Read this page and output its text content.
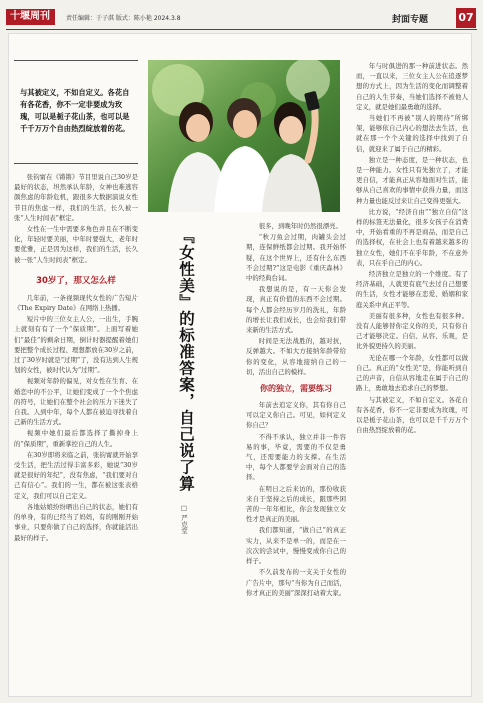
十堰周刊	责任编辑：于子淇 版式：陈小艳 2024.3.8	封面专题	07
与其被定义，不如自定义。各花自有各花香，你不一定非要成为玫瑰，可以是栀子花山茶，也可以是千千万万个自由热烈绽放着的花。

张钧甯在《锵锵》节目里说自己30岁是最好的状态，坦然承认年龄，女神也难逃容颜焦虑的年龄危机，跟很多大数据演说女性节目的焦虑一样，我们的生活，长久被一张“人生时间表”框定。

女性在一生中需要多角色并且在不断变化，年轻时要美丽，中年时要强大，老年时要优雅，正是因为这样，我们的生活，长久被一张“人生时间表”框定。

30岁了，那又怎么样

几年前，一条视频现代女性的广告短片《The Expiry Date》在网络上热播。

短片中的三位女主人公，一出生，手腕上就刻有有了一个“保质期”。上面写着她们“最佳”的剩余日期，倒计时器提醒着她们要把整个成长过程、理想都放在30岁之前，过了30岁时就是“过期”了，没有达到人生规划的女性，被时代认为“过期”。

视频对年龄的偏见，对女性在生育、在婚恋中的不公平，让她们变成了一个个焦虑的符号，让她们在整个社会的压力下迷失了自我。人到中年，每个人都在被迫寻找着自己新的生活方式。

视频中她们最后都选择了撕掉身上的“保质期”，重新掌控自己的人生。

在30岁即将来临之前，张钧甯就开始享受生活，把生活过得丰富多彩，她说“30岁就是很好的年纪”，没有焦虑，“我们要对自己有信心”。我们的一生，都在被这张表格定义，我们可以自己定义。

各地姑娘纷纷晒出自己的状态，她们有的单身，有的已经当了妈妈，有的刚刚开始事业，只要你做了自己的选择，你就能活出最好的样子。

『女性美』的标准答案，自己说了算
□ 严克堂

很多，到晚年时仍然很漂亮。

“秋刀鱼会过期，肉罐头会过期，连保鲜纸都会过期。我开始怀疑，在这个世界上，还有什么东西不会过期?”这是电影《重庆森林》中的经典台词。

我想说的是，有一天你会发现，真正有价值的东西不会过期。每个人都会经历岁月的洗礼，年龄的增长让我们成长，也会给我们带来新的生活方式。

时间是无法战胜的，越对抗，反弹越大。不如大方接纳年龄带给你的变化，从容地接纳自己的一切，活出自己的模样。

你的独立，需要练习

年前去追定义你，其有你自己可以定义你自己。可见，如何定义你自己？

不得不承认，独立并非一件容易的事，毕竟，需要的不仅是勇气，还需要能力的支撑。在生活中，每个人都要学会面对自己的选择。

在明日之后来访的，那份收获来自于坚持之后的成长，跟那些困苦的一年年相比，你会发现独立女性才是真正的美丽。

我们都知道，“做自己”的真正实力，从来不是单一的，而是在一次次的尝试中，慢慢变成你自己的样子。

不久前发布的一支关于女性的广告片中，那句“当你为自己而活，你才真正的美丽”深深打动着大家。

年与时俱进的那一种前进状态。然而，一直以来，三位女主人公在追逐梦想的方式上，因为生活的变化而调整着自己的人生节奏，当她们选择不被他人定义，就是她们最勇敢的选择。

当她们不再被“别人的期待”所绑架，能够依自己内心的想法去生活，也就在那一个个关键的选择中找到了自信，就迎来了属于自己的精彩。

独立是一种态度，是一种状态，也是一种能力。女性只有先独立了，才能更自信，才能真正从容地面对生活，能够从自己喜欢的事情中获得力量，而这种力量也能反过来让自己变得更强大。

比方说，“经济自由”“独立自信”这样的标签无法量化，很多女孩子在消费中，开始看重的不再是商品，而是自己的选择权，在社会上也有着越来越多的独立女性，她们不在乎年龄，不在意外表，只在乎自己的内心。

经济独立是独立的一个维度。有了经济基础，人就更有底气去过自己想要的生活，女性才能够在恋爱、婚姻和家庭关系中真正平等。

美丽有很多种，女性也有很多种。没有人能够替你定义你的美，只有你自己才能够决定。自信、从容、乐观，是比外貌更持久的美丽。

无论在哪一个年龄，女性都可以做自己。真正的“女性美”是，你能听到自己的声音，自信从容地走在属于自己的路上，勇敢地去追求自己的梦想。

与其被定义，不如自定义。各花自有各花香，你不一定非要成为玫瑰，可以是栀子花山茶，也可以是千千万万个自由热烈绽放着的花。
